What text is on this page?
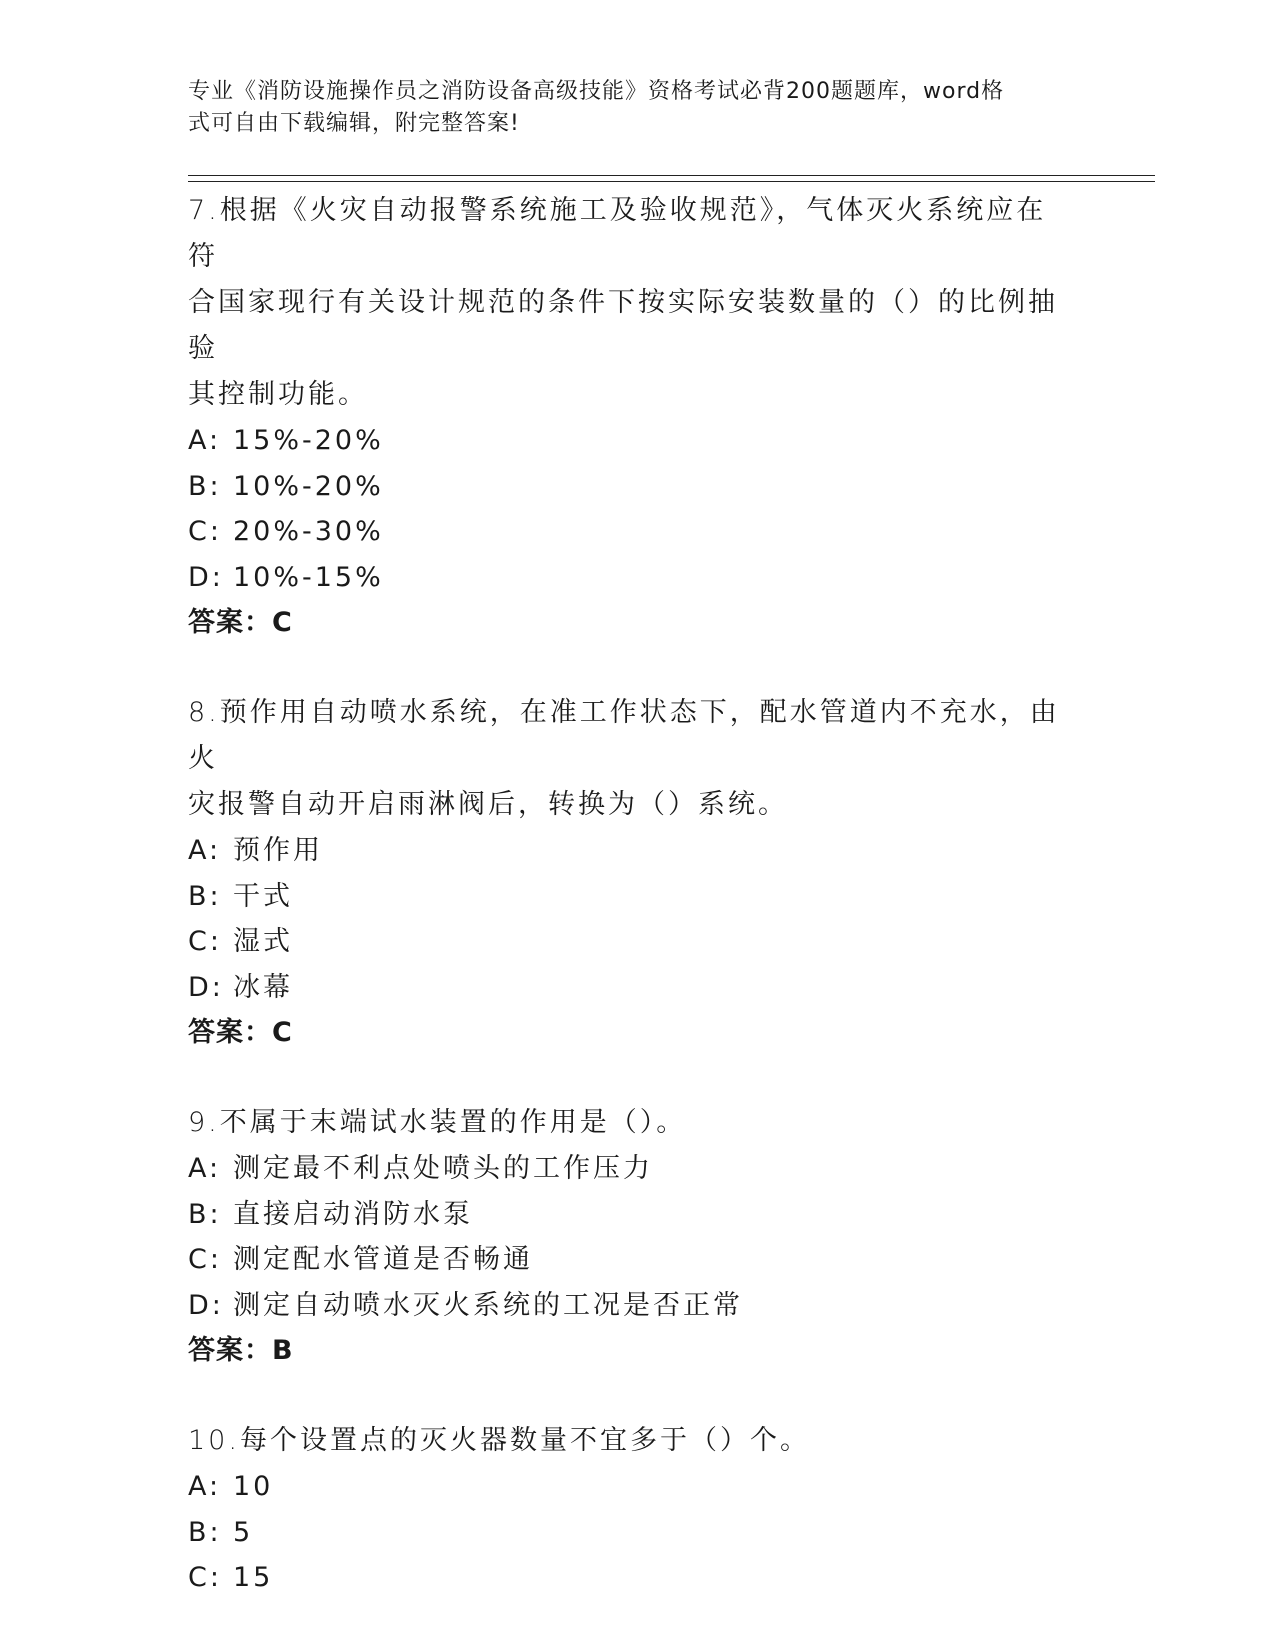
专业《消防设施操作员之消防设备高级技能》资格考试必背200题题库，word格
式可自由下载编辑，附完整答案!

7.根据《火灾自动报警系统施工及验收规范》，气体灭火系统应在符

合国家现行有关设计规范的条件下按实际安装数量的（）的比例抽验

其控制功能。

A: 15%-20%

B: 10%-20%

C: 20%-30%

D: 10%-15%

答案：C

8.预作用自动喷水系统，在准工作状态下，配水管道内不充水，由火

灾报警自动开启雨淋阀后，转换为（）系统。

A: 预作用

B: 干式

C: 湿式

D: 冰幕

答案：C

9.不属于末端试水装置的作用是（）。

A: 测定最不利点处喷头的工作压力

B: 直接启动消防水泵

C: 测定配水管道是否畅通

D: 测定自动喷水灭火系统的工况是否正常

答案：B

10.每个设置点的灭火器数量不宜多于（）个。

A: 10

B: 5

C: 15
